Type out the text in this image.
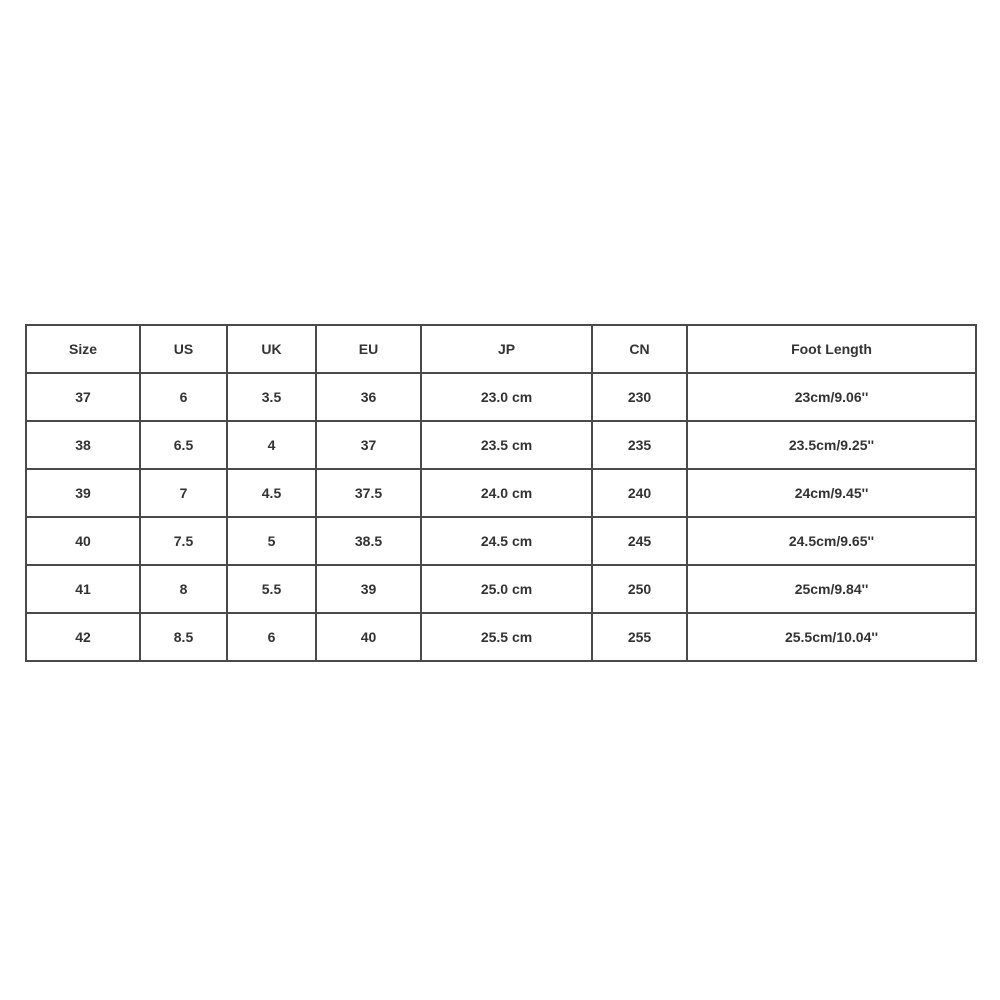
Size	US	UK	EU	JP	CN	Foot Length
37	6	3.5	36	23.0 cm	230	23cm/9.06''
38	6.5	4	37	23.5 cm	235	23.5cm/9.25''
39	7	4.5	37.5	24.0 cm	240	24cm/9.45''
40	7.5	5	38.5	24.5 cm	245	24.5cm/9.65''
41	8	5.5	39	25.0 cm	250	25cm/9.84''
42	8.5	6	40	25.5 cm	255	25.5cm/10.04''
